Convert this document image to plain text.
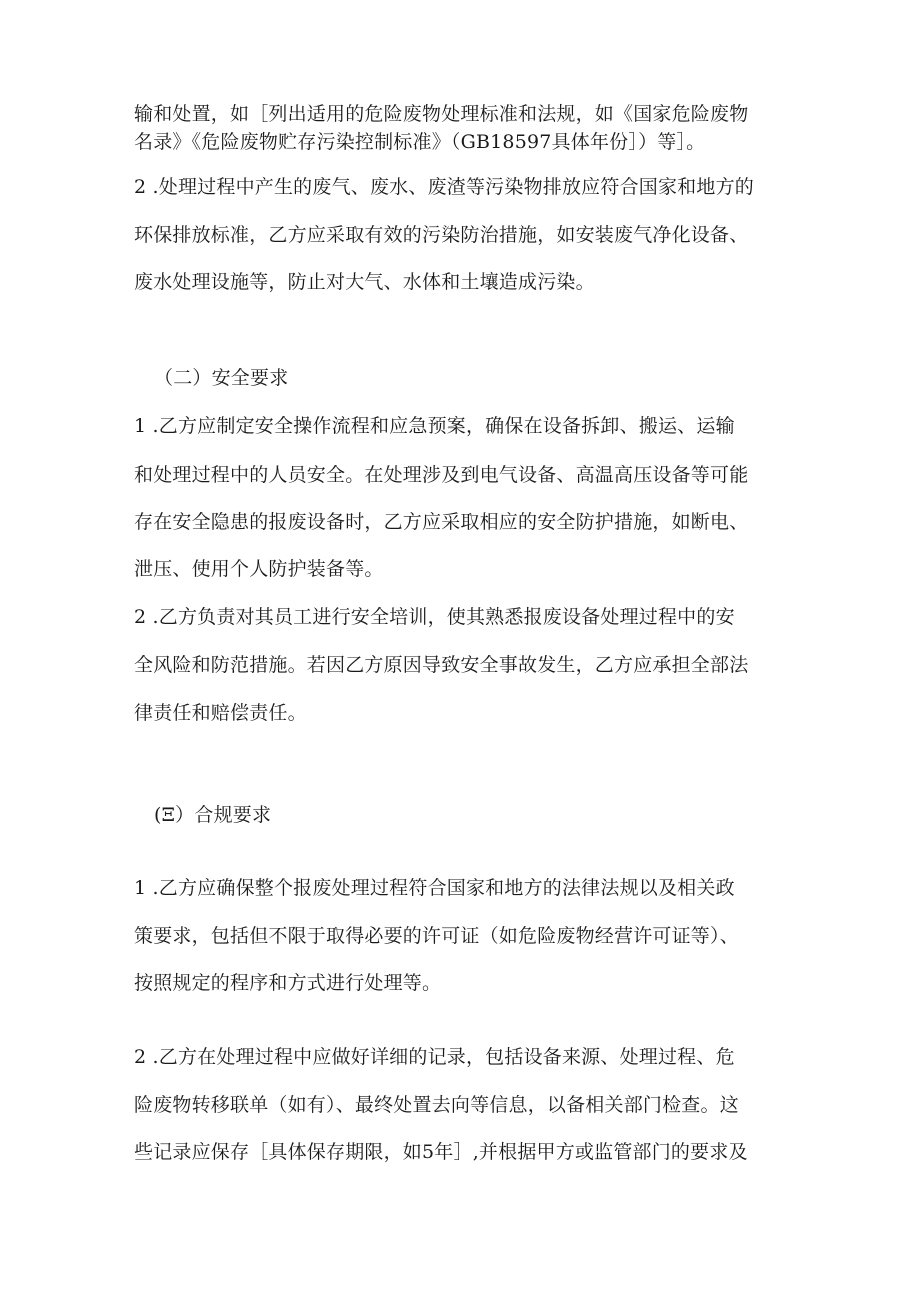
输和处置，如［列出适用的危险废物处理标准和法规，如《国家危险废物
名录》《危险废物贮存污染控制标准》（GB18597具体年份］）等］。
2 .处理过程中产生的废气、废水、废渣等污染物排放应符合国家和地方的
环保排放标准，乙方应采取有效的污染防治措施，如安装废气净化设备、
废水处理设施等，防止对大气、水体和土壤造成污染。
（二）安全要求
1 .乙方应制定安全操作流程和应急预案，确保在设备拆卸、搬运、运输
和处理过程中的人员安全。在处理涉及到电气设备、高温高压设备等可能
存在安全隐患的报废设备时，乙方应采取相应的安全防护措施，如断电、
泄压、使用个人防护装备等。
2 .乙方负责对其员工进行安全培训，使其熟悉报废设备处理过程中的安
全风险和防范措施。若因乙方原因导致安全事故发生，乙方应承担全部法
律责任和赔偿责任。
(Ξ）合规要求
1 .乙方应确保整个报废处理过程符合国家和地方的法律法规以及相关政
策要求，包括但不限于取得必要的许可证（如危险废物经营许可证等）、
按照规定的程序和方式进行处理等。
2 .乙方在处理过程中应做好详细的记录，包括设备来源、处理过程、危
险废物转移联单（如有）、最终处置去向等信息，以备相关部门检查。这
些记录应保存［具体保存期限，如5年］,并根据甲方或监管部门的要求及
